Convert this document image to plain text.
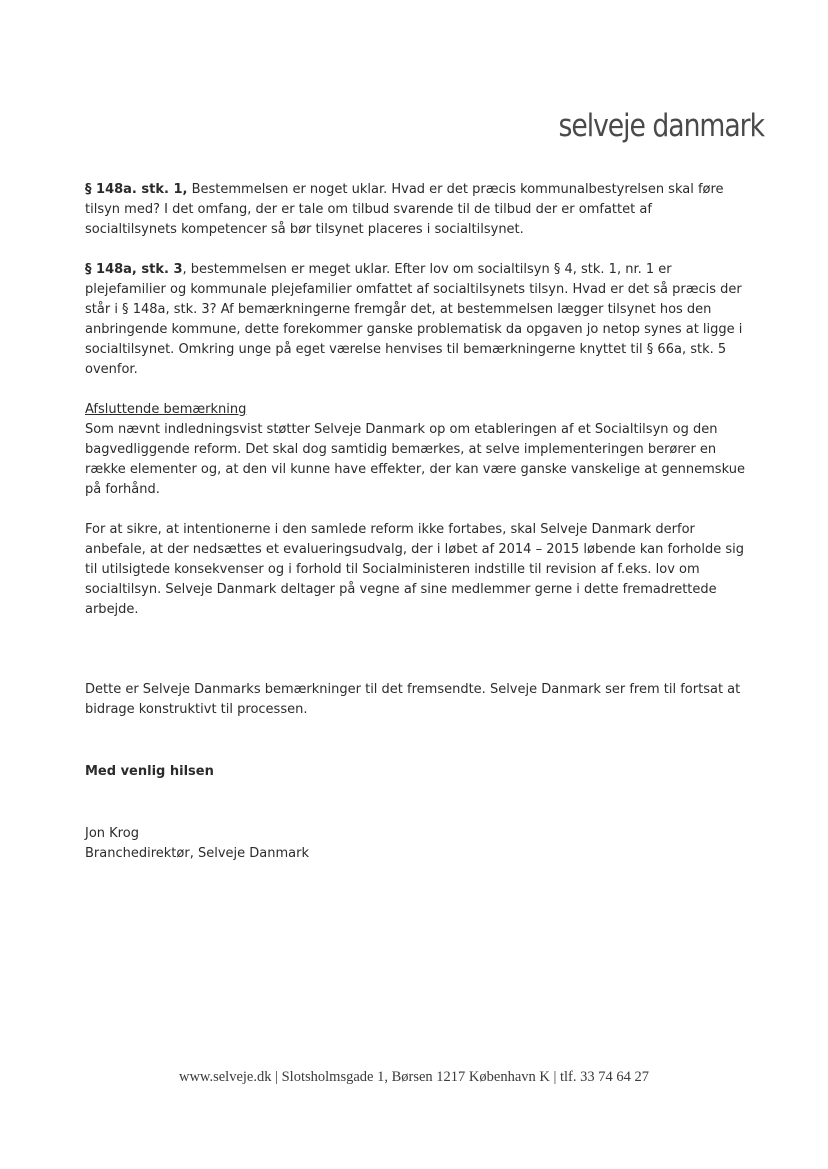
selveje danmark

§ 148a. stk. 1, Bestemmelsen er noget uklar. Hvad er det præcis kommunalbestyrelsen skal føre tilsyn med? I det omfang, der er tale om tilbud svarende til de tilbud der er omfattet af socialtilsynets kompetencer så bør tilsynet placeres i socialtilsynet.

§ 148a, stk. 3, bestemmelsen er meget uklar. Efter lov om socialtilsyn § 4, stk. 1, nr. 1 er plejefamilier og kommunale plejefamilier omfattet af socialtilsynets tilsyn. Hvad er det så præcis der står i § 148a, stk. 3? Af bemærkningerne fremgår det, at bestemmelsen lægger tilsynet hos den anbringende kommune, dette forekommer ganske problematisk da opgaven jo netop synes at ligge i socialtilsynet. Omkring unge på eget værelse henvises til bemærkningerne knyttet til § 66a, stk. 5 ovenfor.

Afsluttende bemærkning
Som nævnt indledningsvist støtter Selveje Danmark op om etableringen af et Socialtilsyn og den bagvedliggende reform. Det skal dog samtidig bemærkes, at selve implementeringen berører en række elementer og, at den vil kunne have effekter, der kan være ganske vanskelige at gennemskue på forhånd.

For at sikre, at intentionerne i den samlede reform ikke fortabes, skal Selveje Danmark derfor anbefale, at der nedsættes et evalueringsudvalg, der i løbet af 2014 – 2015 løbende kan forholde sig til utilsigtede konsekvenser og i forhold til Socialministeren indstille til revision af f.eks. lov om socialtilsyn. Selveje Danmark deltager på vegne af sine medlemmer gerne i dette fremadrettede arbejde.

Dette er Selveje Danmarks bemærkninger til det fremsendte. Selveje Danmark ser frem til fortsat at bidrage konstruktivt til processen.

Med venlig hilsen

Jon Krog
Branchedirektør, Selveje Danmark
www.selveje.dk | Slotsholmsgade 1, Børsen 1217 København K | tlf. 33 74 64 27
